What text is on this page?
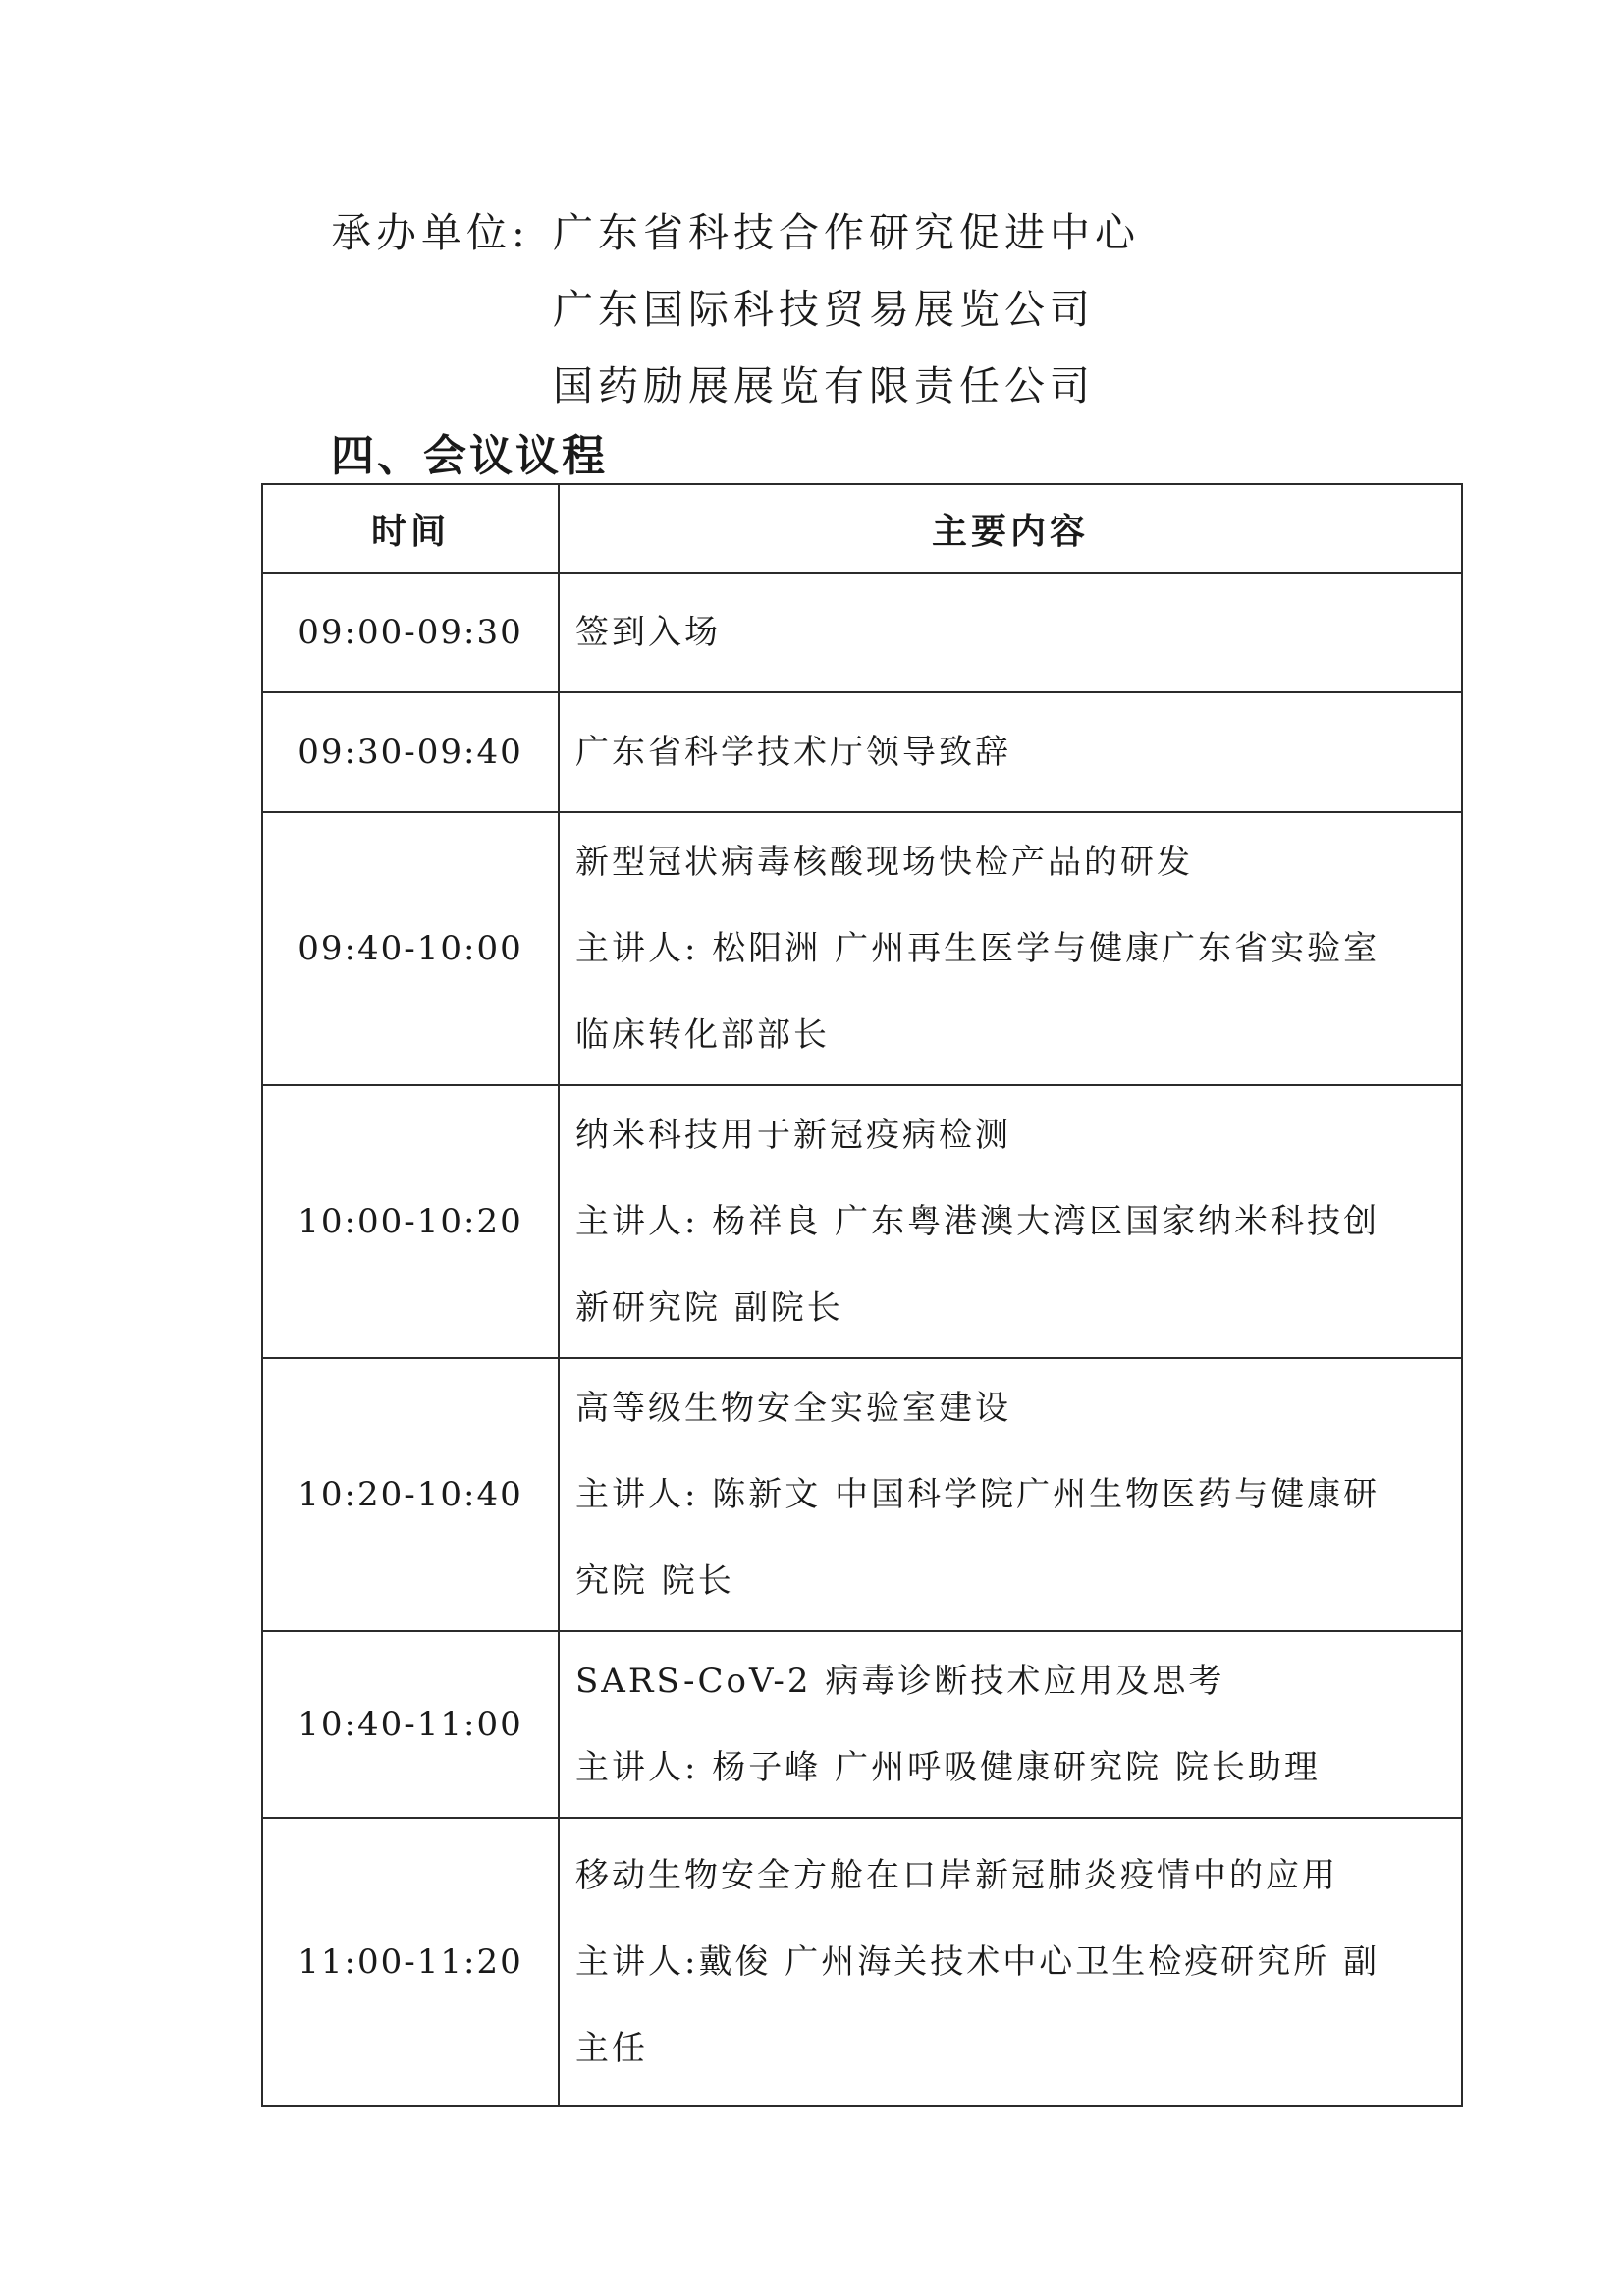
承办单位: 广东省科技合作研究促进中心
广东国际科技贸易展览公司
国药励展展览有限责任公司
四、会议议程
时间	主要内容
09:00-09:30	签到入场

09:30-09:40	广东省科学技术厅领导致辞

09:40-10:00	新型冠状病毒核酸现场快检产品的研发
主讲人: 松阳洲 广州再生医学与健康广东省实验室
临床转化部部长

10:00-10:20	纳米科技用于新冠疫病检测
主讲人: 杨祥良 广东粤港澳大湾区国家纳米科技创
新研究院 副院长

10:20-10:40	高等级生物安全实验室建设
主讲人: 陈新文 中国科学院广州生物医药与健康研
究院 院长

10:40-11:00	SARS-CoV-2 病毒诊断技术应用及思考
主讲人: 杨子峰 广州呼吸健康研究院 院长助理

11:00-11:20	移动生物安全方舱在口岸新冠肺炎疫情中的应用
主讲人:戴俊 广州海关技术中心卫生检疫研究所 副
主任
